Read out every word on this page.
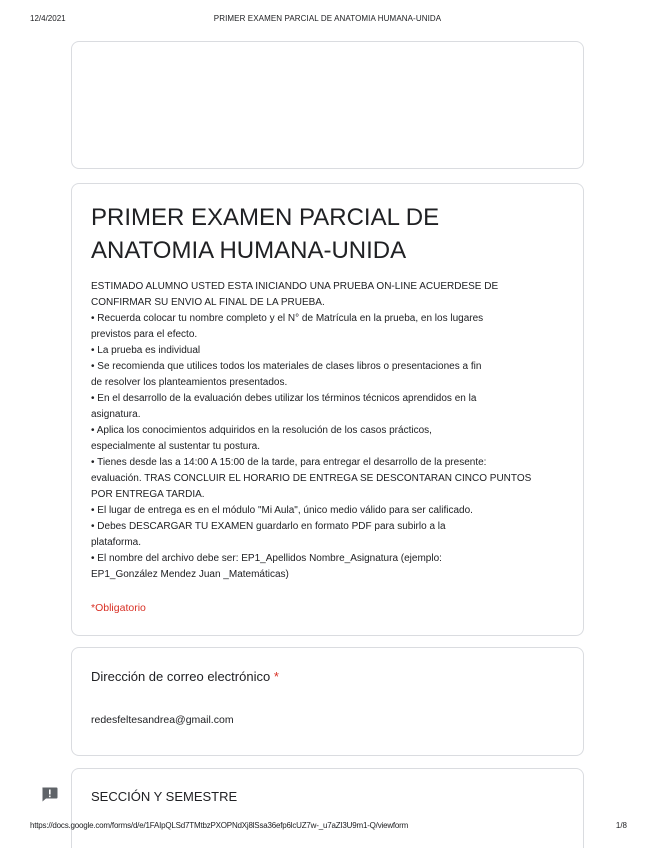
12/4/2021	PRIMER EXAMEN PARCIAL DE ANATOMIA HUMANA-UNIDA
PRIMER EXAMEN PARCIAL DE
ANATOMIA HUMANA-UNIDA
ESTIMADO ALUMNO USTED ESTA INICIANDO UNA PRUEBA ON-LINE ACUERDESE DE
CONFIRMAR SU ENVIO AL FINAL DE LA PRUEBA.
• Recuerda colocar tu nombre completo y el N° de Matrícula en la prueba, en los lugares
previstos para el efecto.
• La prueba es individual
• Se recomienda que utilices todos los materiales de clases libros o presentaciones a fin
de resolver los planteamientos presentados.
• En el desarrollo de la evaluación debes utilizar los términos técnicos aprendidos en la
asignatura.
• Aplica los conocimientos adquiridos en la resolución de los casos prácticos,
especialmente al sustentar tu postura.
• Tienes desde las a 14:00 A 15:00 de la tarde, para entregar el desarrollo de la presente:
evaluación. TRAS CONCLUIR EL HORARIO DE ENTREGA SE DESCONTARAN CINCO PUNTOS
POR ENTREGA TARDIA.
• El lugar de entrega es en el módulo "Mi Aula", único medio válido para ser calificado.
• Debes DESCARGAR TU EXAMEN guardarlo en formato PDF para subirlo a la
plataforma.
• El nombre del archivo debe ser: EP1_Apellidos Nombre_Asignatura (ejemplo:
EP1_González Mendez Juan _Matemáticas)
*Obligatorio
Dirección de correo electrónico *
redesfeltesandrea@gmail.com
SECCIÓN Y SEMESTRE
https://docs.google.com/forms/d/e/1FAIpQLSd7TMtbzPXOPNdXj8lSsa36efp6lcUZ7w-_u7aZI3U9m1-Q/viewform	1/8
